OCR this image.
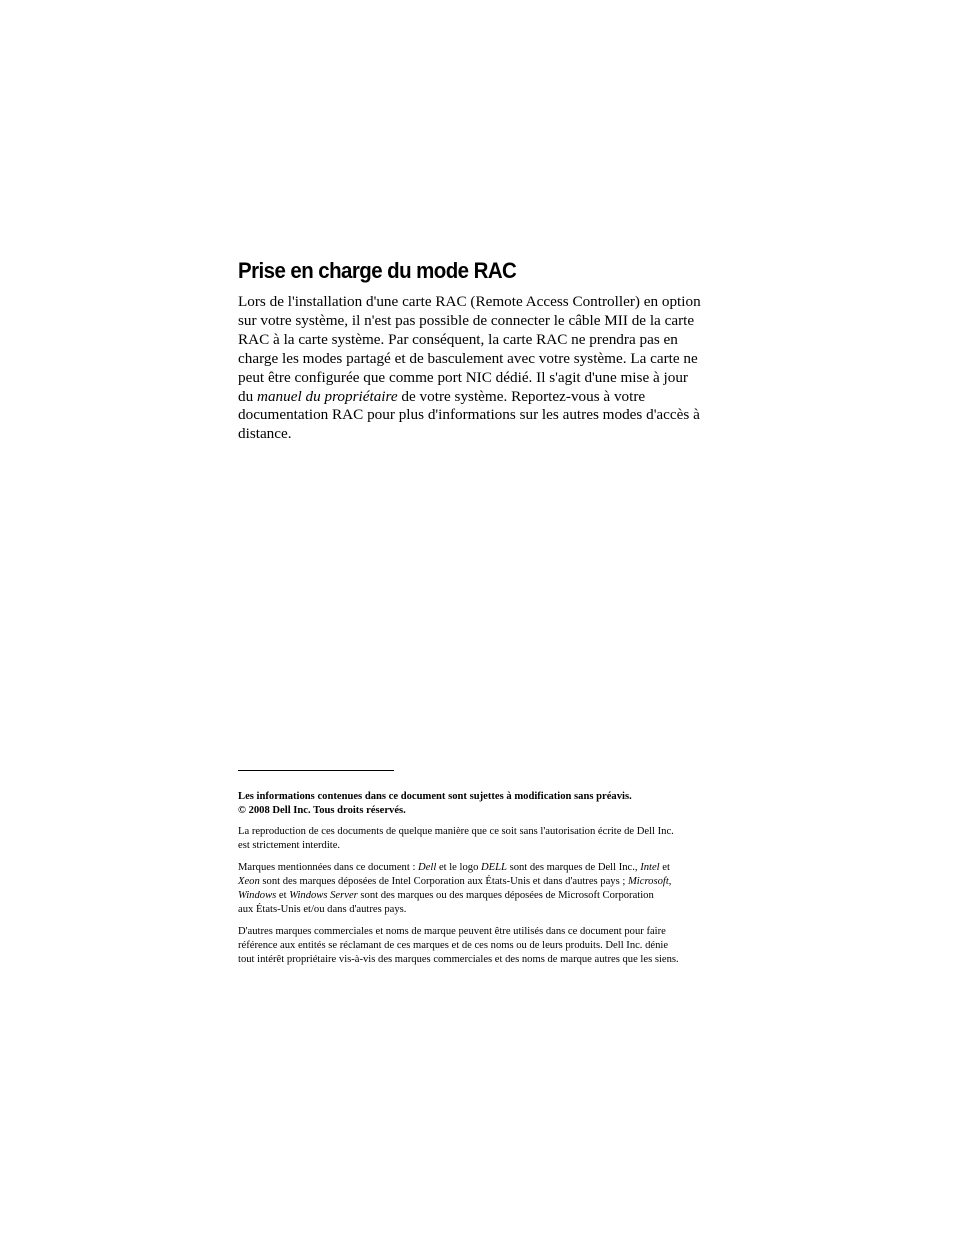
Prise en charge du mode RAC

Lors de l'installation d'une carte RAC (Remote Access Controller) en option
sur votre système, il n'est pas possible de connecter le câble MII de la carte
RAC à la carte système. Par conséquent, la carte RAC ne prendra pas en
charge les modes partagé et de basculement avec votre système. La carte ne
peut être configurée que comme port NIC dédié. Il s'agit d'une mise à jour
du manuel du propriétaire de votre système. Reportez-vous à votre
documentation RAC pour plus d'informations sur les autres modes d'accès à
distance.

Les informations contenues dans ce document sont sujettes à modification sans préavis.
© 2008 Dell Inc. Tous droits réservés.
La reproduction de ces documents de quelque manière que ce soit sans l'autorisation écrite de Dell Inc.
est strictement interdite.
Marques mentionnées dans ce document : Dell et le logo DELL sont des marques de Dell Inc., Intel et
Xeon sont des marques déposées de Intel Corporation aux États-Unis et dans d'autres pays ; Microsoft,
Windows et Windows Server sont des marques ou des marques déposées de Microsoft Corporation
aux États-Unis et/ou dans d'autres pays.
D'autres marques commerciales et noms de marque peuvent être utilisés dans ce document pour faire
référence aux entités se réclamant de ces marques et de ces noms ou de leurs produits. Dell Inc. dénie
tout intérêt propriétaire vis-à-vis des marques commerciales et des noms de marque autres que les siens.
